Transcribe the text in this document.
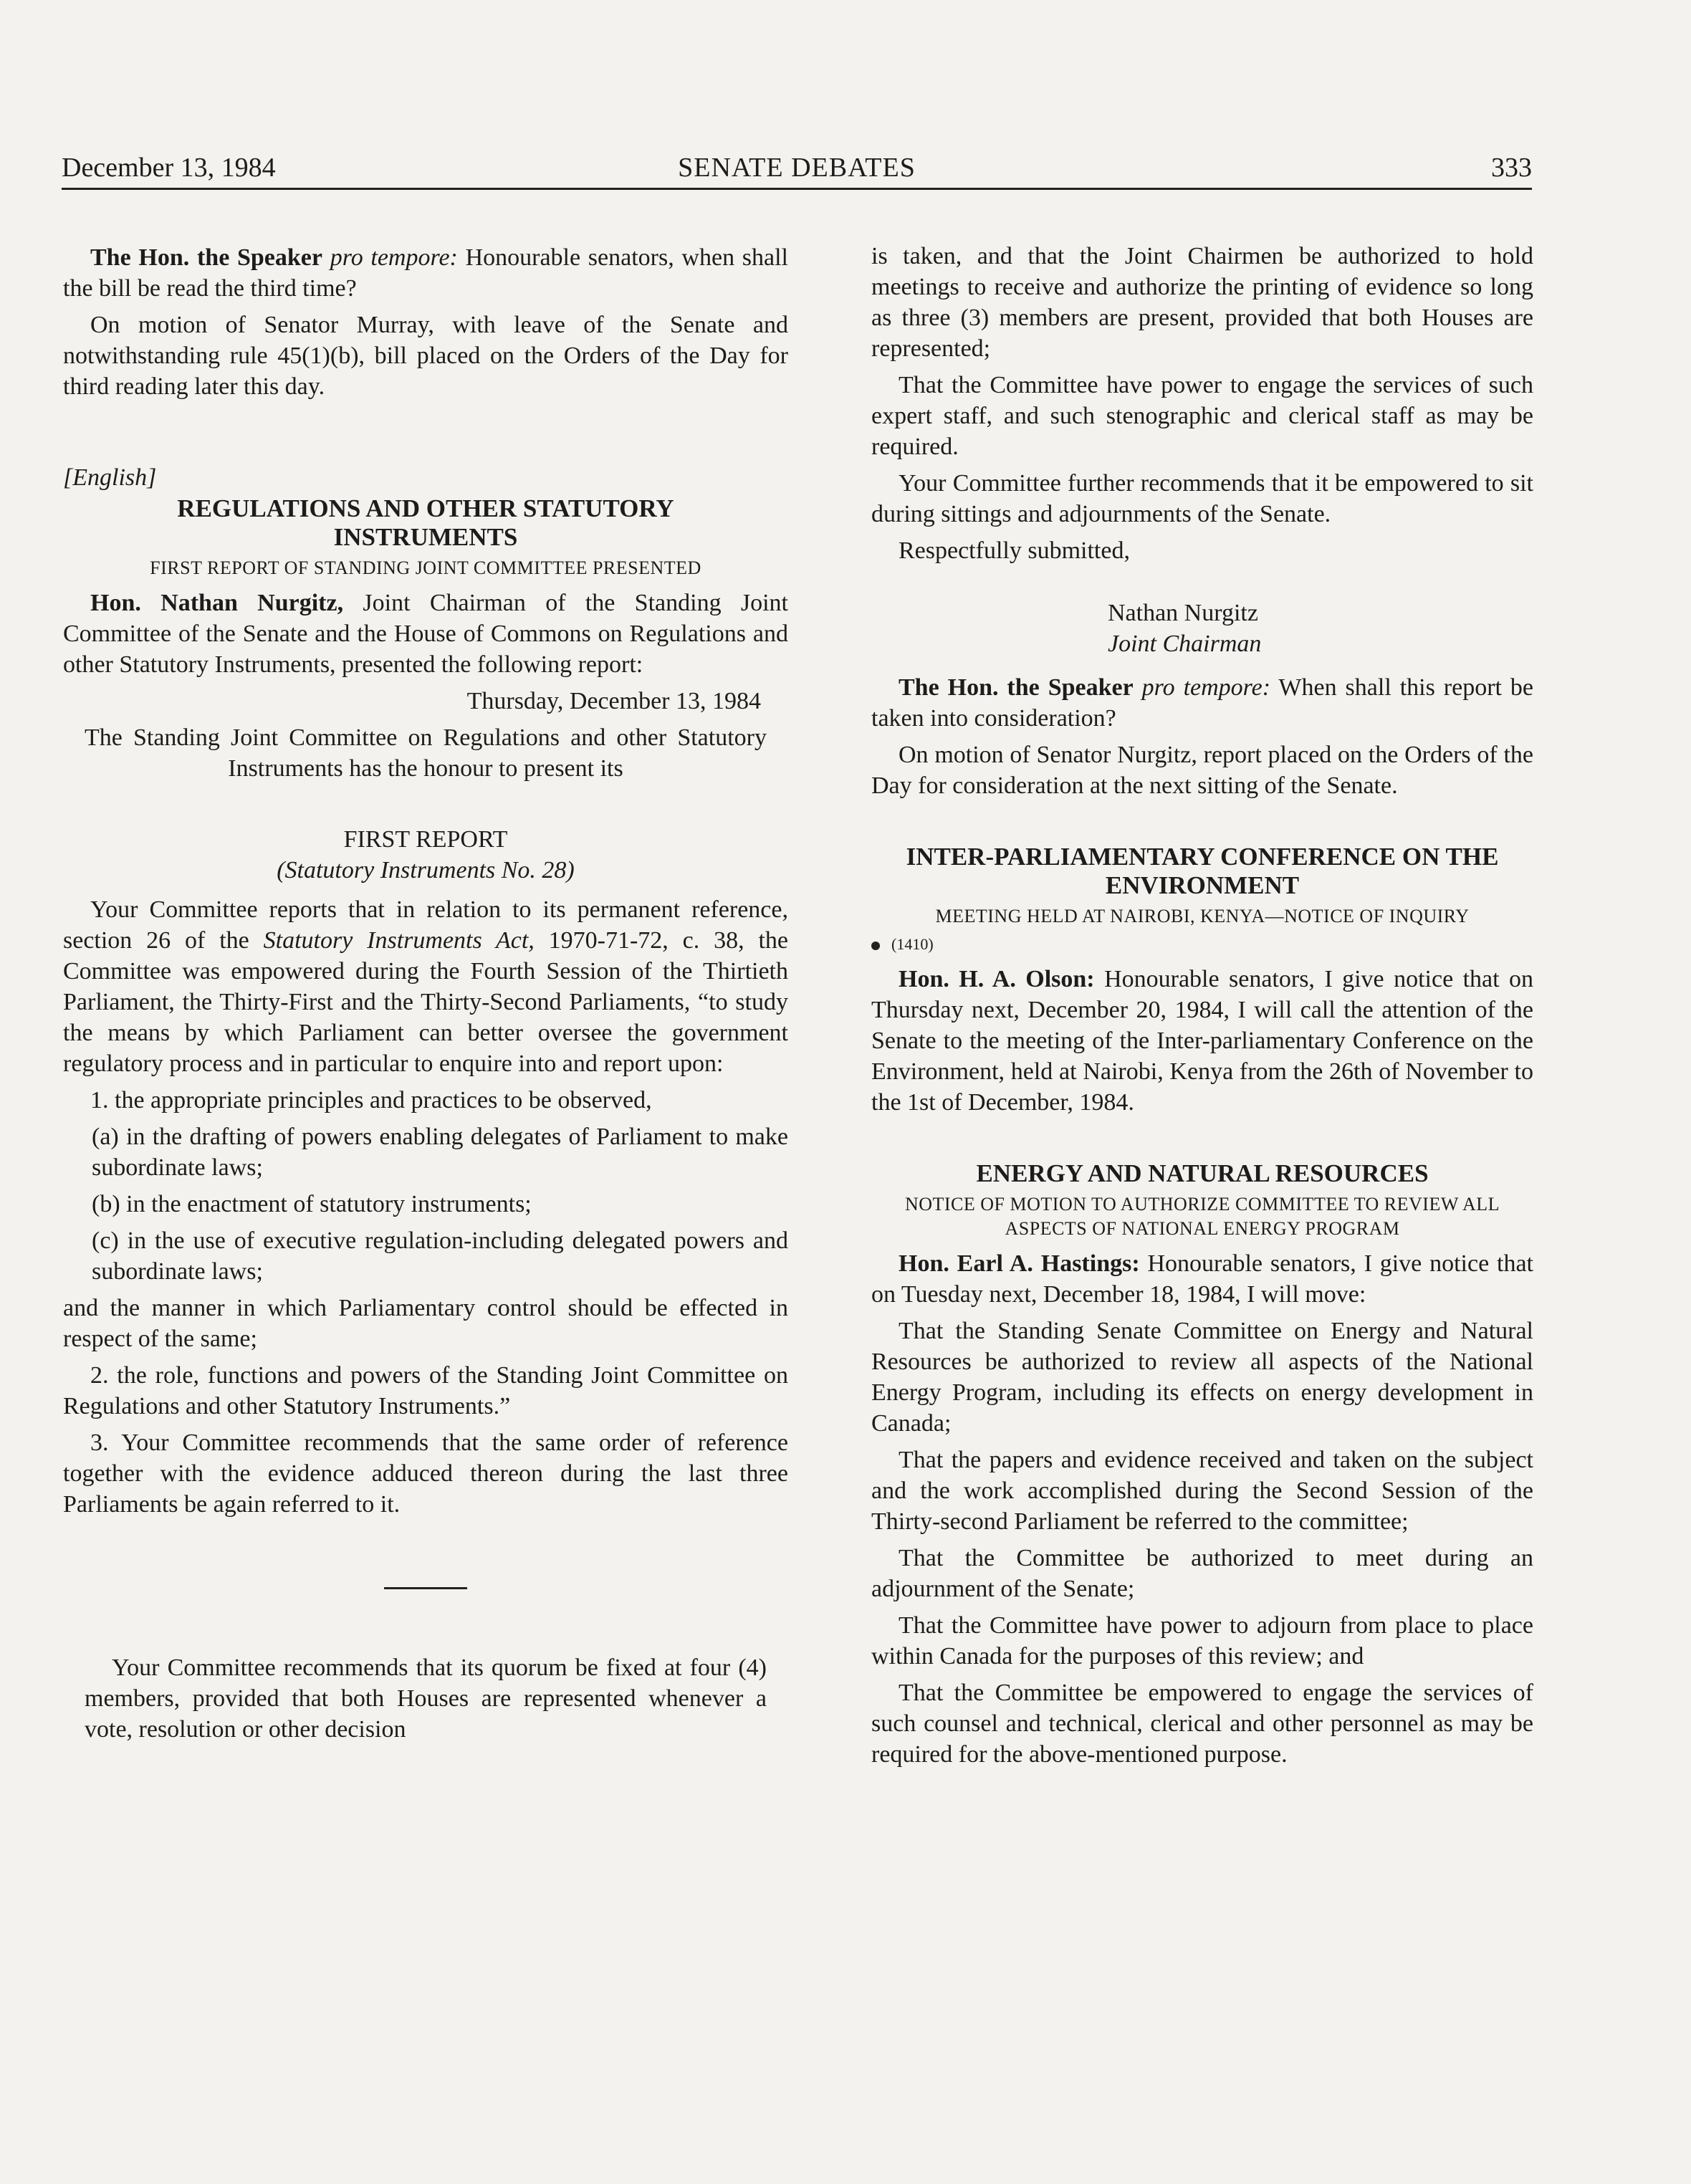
December 13, 1984	SENATE DEBATES	333

The Hon. the Speaker pro tempore: Honourable senators, when shall the bill be read the third time?

On motion of Senator Murray, with leave of the Senate and notwithstanding rule 45(1)(b), bill placed on the Orders of the Day for third reading later this day.

[English]

REGULATIONS AND OTHER STATUTORY INSTRUMENTS

FIRST REPORT OF STANDING JOINT COMMITTEE PRESENTED

Hon. Nathan Nurgitz, Joint Chairman of the Standing Joint Committee of the Senate and the House of Commons on Regulations and other Statutory Instruments, presented the following report:

Thursday, December 13, 1984

The Standing Joint Committee on Regulations and other Statutory Instruments has the honour to present its

FIRST REPORT

(Statutory Instruments No. 28)

Your Committee reports that in relation to its permanent reference, section 26 of the Statutory Instruments Act, 1970-71-72, c. 38, the Committee was empowered during the Fourth Session of the Thirtieth Parliament, the Thirty-First and the Thirty-Second Parliaments, “to study the means by which Parliament can better oversee the government regulatory process and in particular to enquire into and report upon:

1. the appropriate principles and practices to be observed,

(a) in the drafting of powers enabling delegates of Parliament to make subordinate laws;

(b) in the enactment of statutory instruments;

(c) in the use of executive regulation-including delegated powers and subordinate laws;

and the manner in which Parliamentary control should be effected in respect of the same;

2. the role, functions and powers of the Standing Joint Committee on Regulations and other Statutory Instruments.”

3. Your Committee recommends that the same order of reference together with the evidence adduced thereon during the last three Parliaments be again referred to it.

Your Committee recommends that its quorum be fixed at four (4) members, provided that both Houses are represented whenever a vote, resolution or other decision

is taken, and that the Joint Chairmen be authorized to hold meetings to receive and authorize the printing of evidence so long as three (3) members are present, provided that both Houses are represented;

That the Committee have power to engage the services of such expert staff, and such stenographic and clerical staff as may be required.

Your Committee further recommends that it be empowered to sit during sittings and adjournments of the Senate.

Respectfully submitted,

Nathan Nurgitz

Joint Chairman

The Hon. the Speaker pro tempore: When shall this report be taken into consideration?

On motion of Senator Nurgitz, report placed on the Orders of the Day for consideration at the next sitting of the Senate.

INTER-PARLIAMENTARY CONFERENCE ON THE ENVIRONMENT

MEETING HELD AT NAIROBI, KENYA—NOTICE OF INQUIRY

(1410)

Hon. H. A. Olson: Honourable senators, I give notice that on Thursday next, December 20, 1984, I will call the attention of the Senate to the meeting of the Inter-parliamentary Conference on the Environment, held at Nairobi, Kenya from the 26th of November to the 1st of December, 1984.

ENERGY AND NATURAL RESOURCES

NOTICE OF MOTION TO AUTHORIZE COMMITTEE TO REVIEW ALL ASPECTS OF NATIONAL ENERGY PROGRAM

Hon. Earl A. Hastings: Honourable senators, I give notice that on Tuesday next, December 18, 1984, I will move:

That the Standing Senate Committee on Energy and Natural Resources be authorized to review all aspects of the National Energy Program, including its effects on energy development in Canada;

That the papers and evidence received and taken on the subject and the work accomplished during the Second Session of the Thirty-second Parliament be referred to the committee;

That the Committee be authorized to meet during an adjournment of the Senate;

That the Committee have power to adjourn from place to place within Canada for the purposes of this review; and

That the Committee be empowered to engage the services of such counsel and technical, clerical and other personnel as may be required for the above-mentioned purpose.
